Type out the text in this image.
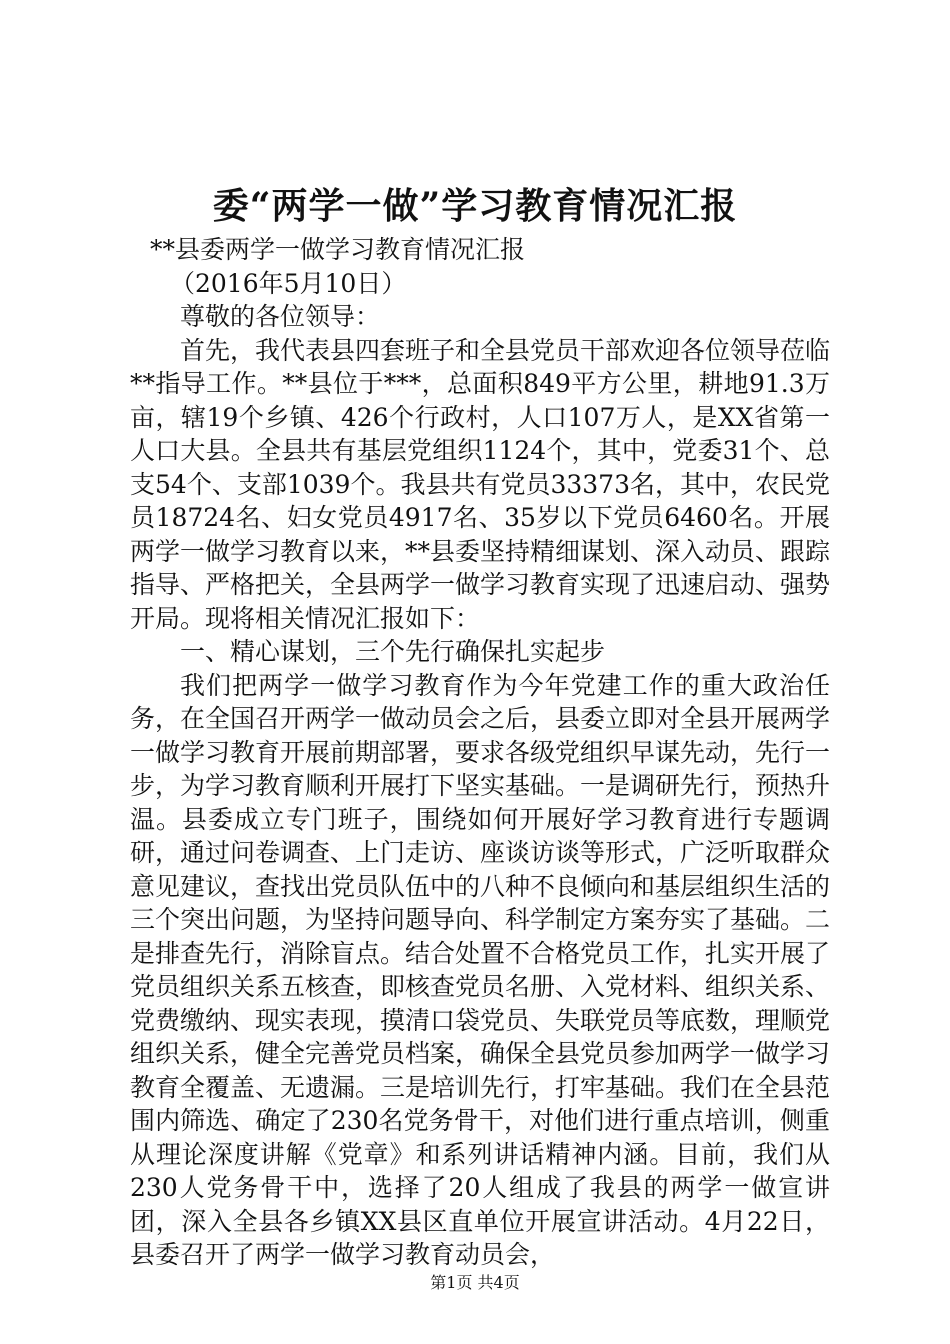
委“两学一做”学习教育情况汇报

**县委两学一做学习教育情况汇报

（2016年5月10日）

尊敬的各位领导：

首先，我代表县四套班子和全县党员干部欢迎各位领导莅临**指导工作。**县位于***，总面积849平方公里，耕地91.3万亩，辖19个乡镇、426个行政村，人口107万人，是XX省第一人口大县。全县共有基层党组织1124个，其中，党委31个、总支54个、支部1039个。我县共有党员33373名，其中，农民党员18724名、妇女党员4917名、35岁以下党员6460名。开展两学一做学习教育以来，**县委坚持精细谋划、深入动员、跟踪指导、严格把关，全县两学一做学习教育实现了迅速启动、强势开局。现将相关情况汇报如下：

一、精心谋划，三个先行确保扎实起步

我们把两学一做学习教育作为今年党建工作的重大政治任务，在全国召开两学一做动员会之后，县委立即对全县开展两学一做学习教育开展前期部署，要求各级党组织早谋先动，先行一步，为学习教育顺利开展打下坚实基础。一是调研先行，预热升温。县委成立专门班子，围绕如何开展好学习教育进行专题调研，通过问卷调查、上门走访、座谈访谈等形式，广泛听取群众意见建议，查找出党员队伍中的八种不良倾向和基层组织生活的三个突出问题，为坚持问题导向、科学制定方案夯实了基础。二是排查先行，消除盲点。结合处置不合格党员工作，扎实开展了党员组织关系五核查，即核查党员名册、入党材料、组织关系、党费缴纳、现实表现，摸清口袋党员、失联党员等底数，理顺党组织关系，健全完善党员档案，确保全县党员参加两学一做学习教育全覆盖、无遗漏。三是培训先行，打牢基础。我们在全县范围内筛选、确定了230名党务骨干，对他们进行重点培训，侧重从理论深度讲解《党章》和系列讲话精神内涵。目前，我们从230人党务骨干中，选择了20人组成了我县的两学一做宣讲团，深入全县各乡镇XX县区直单位开展宣讲活动。4月22日，县委召开了两学一做学习教育动员会，

第1页 共4页
